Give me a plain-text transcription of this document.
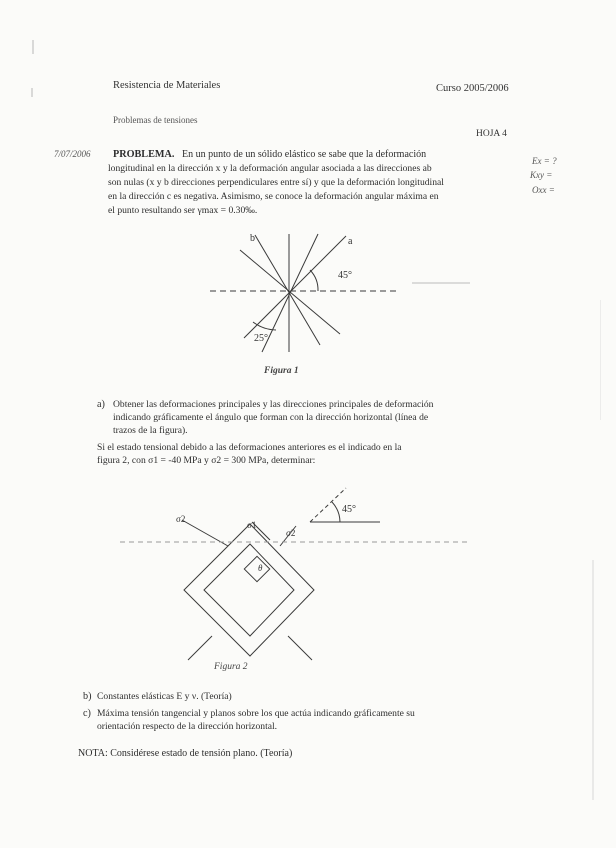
Resistencia de Materiales	Curso 2005/2006
Problemas de tensiones
HOJA 4
7/07/2006
Ex = ?
Kxy =
Oxx =
PROBLEMA. En un punto de un sólido elástico se sabe que la deformación
longitudinal en la dirección x y la deformación angular asociada a las direcciones ab
son nulas (x y b direcciones perpendiculares entre sí) y que la deformación longitudinal
en la dirección c es negativa. Asimismo, se conoce la deformación angular máxima en
el punto resultando ser γmax = 0.30‰.
b	a
45°
25°
Figura 1
a) Obtener las deformaciones principales y las direcciones principales de deformación
indicando gráficamente el ángulo que forman con la dirección horizontal (línea de
trazos de la figura).
Si el estado tensional debido a las deformaciones anteriores es el indicado en la
figura 2, con σ1 = -40 MPa y σ2 = 300 MPa, determinar:
σ2
σ1
σ2
θ
45°
Figura 2
b) Constantes elásticas E y ν. (Teoría)
c) Máxima tensión tangencial y planos sobre los que actúa indicando gráficamente su
orientación respecto de la dirección horizontal.
NOTA: Considérese estado de tensión plano. (Teoría)
